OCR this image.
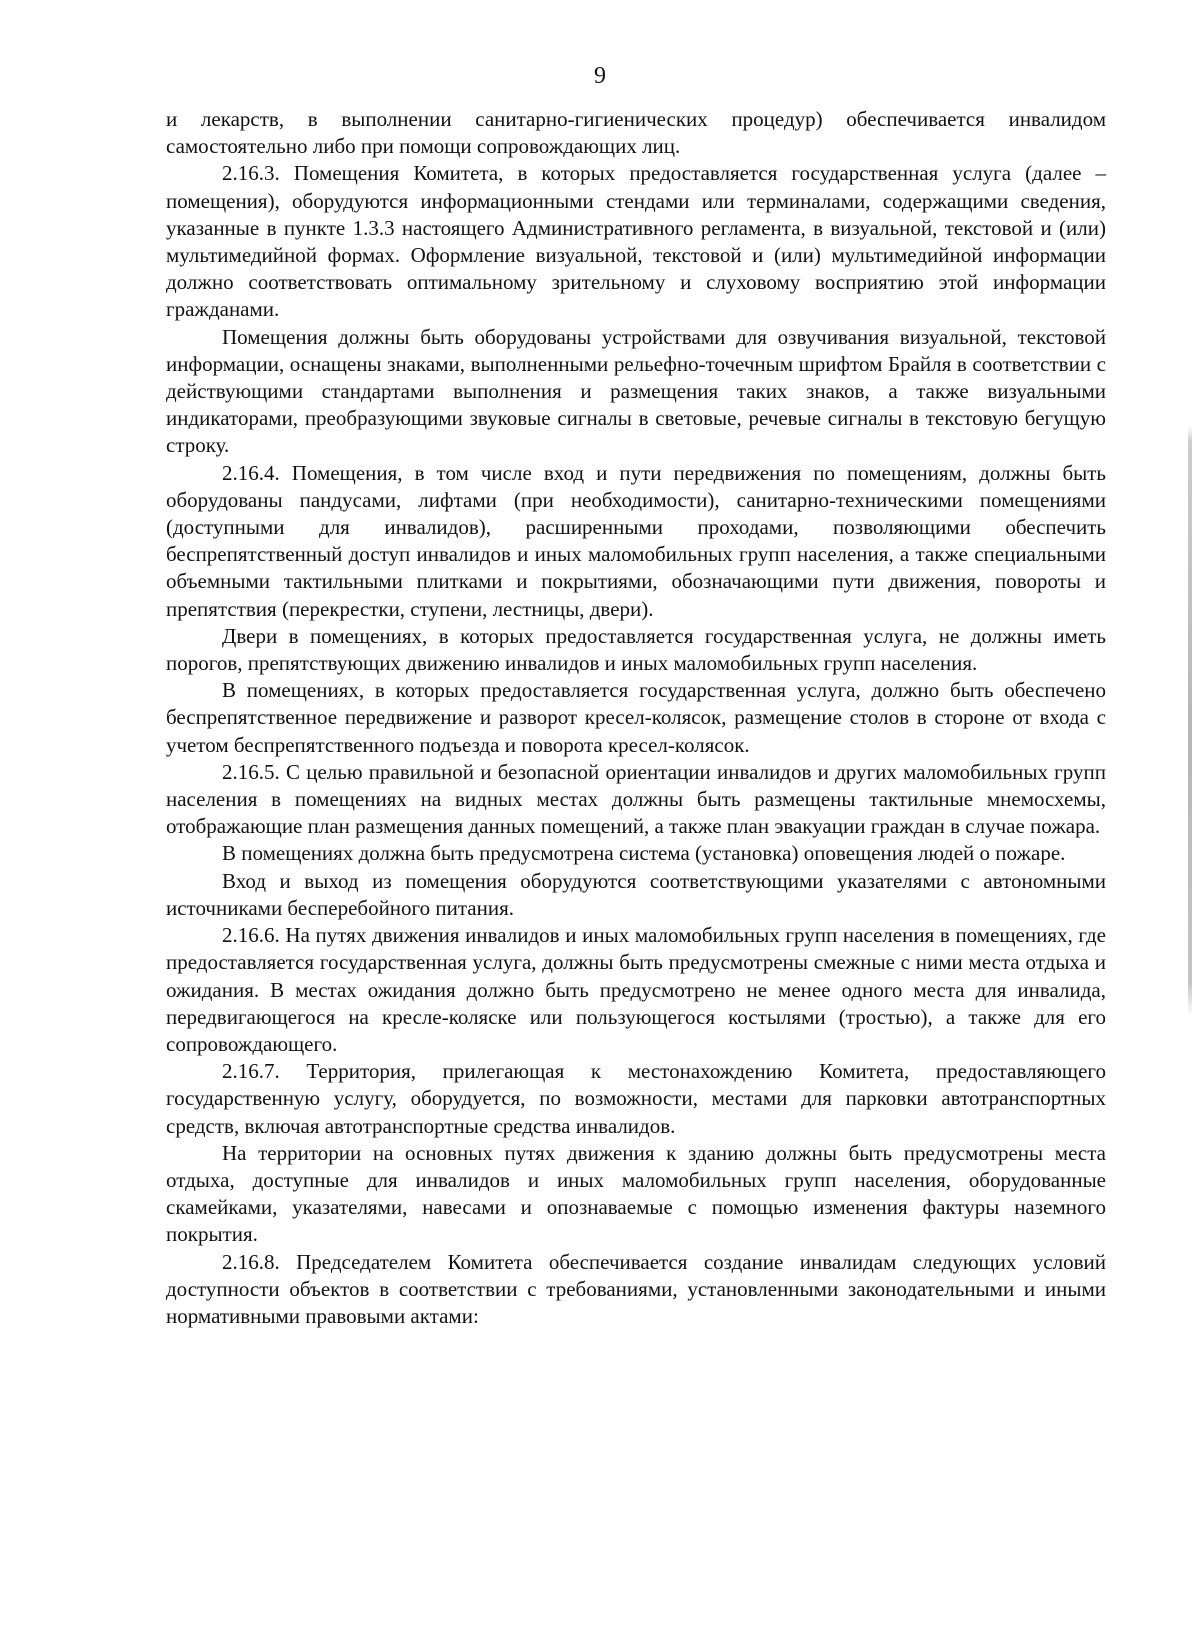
9

и лекарств, в выполнении санитарно-гигиенических процедур) обеспечивается инвалидом самостоятельно либо при помощи сопровождающих лиц.

2.16.3. Помещения Комитета, в которых предоставляется государственная услуга (далее – помещения), оборудуются информационными стендами или терминалами, содержащими сведения, указанные в пункте 1.3.3 настоящего Административного регламента, в визуальной, текстовой и (или) мультимедийной формах. Оформление визуальной, текстовой и (или) мультимедийной информации должно соответствовать оптимальному зрительному и слуховому восприятию этой информации гражданами.

Помещения должны быть оборудованы устройствами для озвучивания визуальной, текстовой информации, оснащены знаками, выполненными рельефно-точечным шрифтом Брайля в соответствии с действующими стандартами выполнения и размещения таких знаков, а также визуальными индикаторами, преобразующими звуковые сигналы в световые, речевые сигналы в текстовую бегущую строку.

2.16.4. Помещения, в том числе вход и пути передвижения по помещениям, должны быть оборудованы пандусами, лифтами (при необходимости), санитарно-техническими помещениями (доступными для инвалидов), расширенными проходами, позволяющими обеспечить беспрепятственный доступ инвалидов и иных маломобильных групп населения, а также специальными объемными тактильными плитками и покрытиями, обозначающими пути движения, повороты и препятствия (перекрестки, ступени, лестницы, двери).

Двери в помещениях, в которых предоставляется государственная услуга, не должны иметь порогов, препятствующих движению инвалидов и иных маломобильных групп населения.

В помещениях, в которых предоставляется государственная услуга, должно быть обеспечено беспрепятственное передвижение и разворот кресел-колясок, размещение столов в стороне от входа с учетом беспрепятственного подъезда и поворота кресел-колясок.

2.16.5. С целью правильной и безопасной ориентации инвалидов и других маломобильных групп населения в помещениях на видных местах должны быть размещены тактильные мнемосхемы, отображающие план размещения данных помещений, а также план эвакуации граждан в случае пожара.

В помещениях должна быть предусмотрена система (установка) оповещения людей о пожаре.

Вход и выход из помещения оборудуются соответствующими указателями с автономными источниками бесперебойного питания.

2.16.6. На путях движения инвалидов и иных маломобильных групп населения в помещениях, где предоставляется государственная услуга, должны быть предусмотрены смежные с ними места отдыха и ожидания. В местах ожидания должно быть предусмотрено не менее одного места для инвалида, передвигающегося на кресле-коляске или пользующегося костылями (тростью), а также для его сопровождающего.

2.16.7. Территория, прилегающая к местонахождению Комитета, предоставляющего государственную услугу, оборудуется, по возможности, местами для парковки автотранспортных средств, включая автотранспортные средства инвалидов.

На территории на основных путях движения к зданию должны быть предусмотрены места отдыха, доступные для инвалидов и иных маломобильных групп населения, оборудованные скамейками, указателями, навесами и опознаваемые с помощью изменения фактуры наземного покрытия.

2.16.8. Председателем Комитета обеспечивается создание инвалидам следующих условий доступности объектов в соответствии с требованиями, установленными законодательными и иными нормативными правовыми актами:
